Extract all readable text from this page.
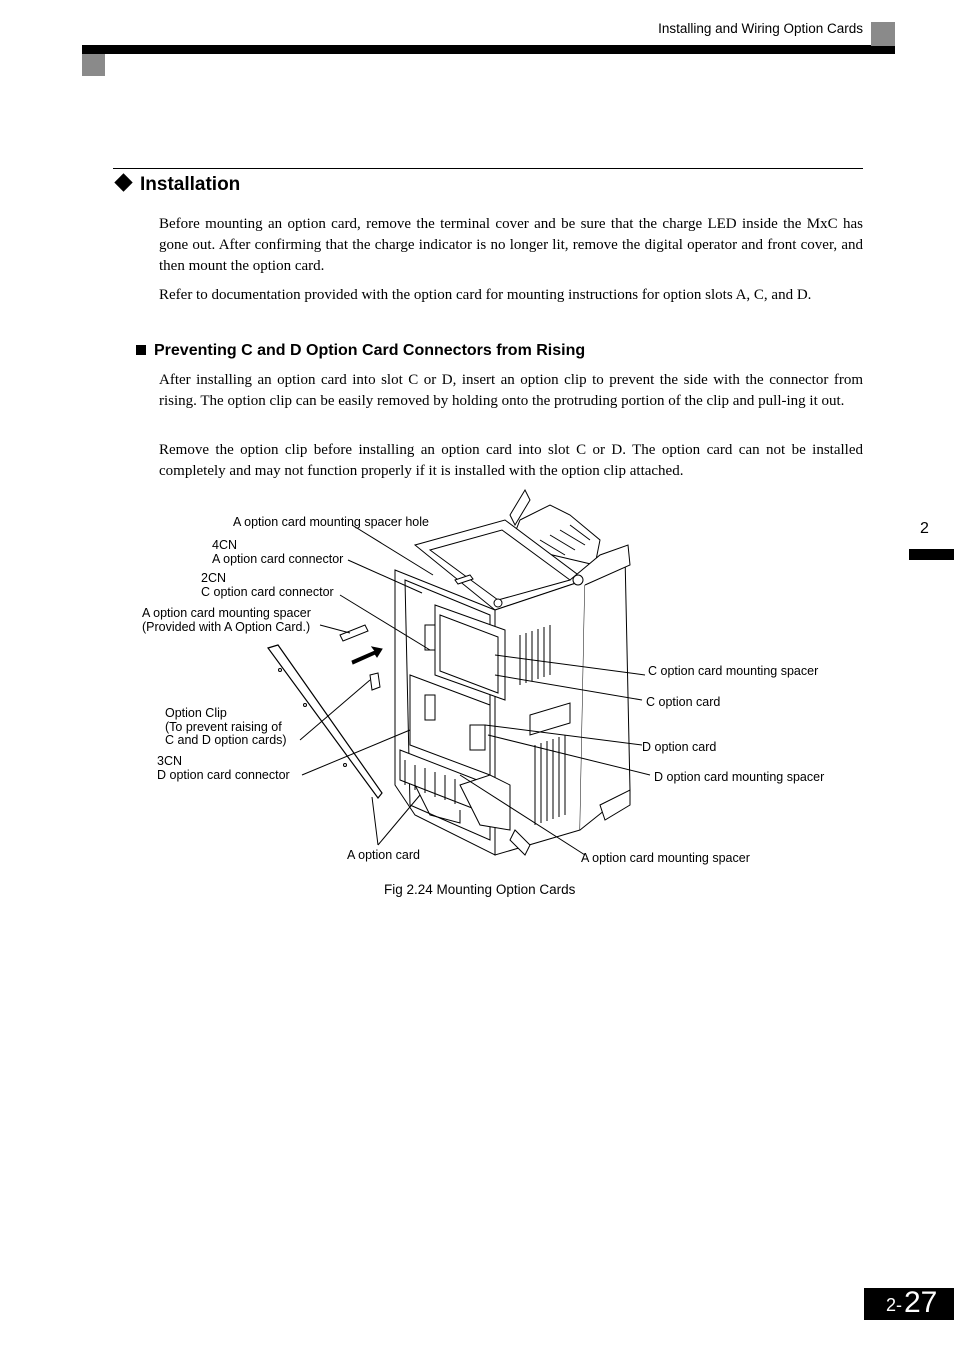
Installing and Wiring Option Cards
Installation
Before mounting an option card, remove the terminal cover and be sure that the charge LED inside the MxC has gone out. After confirming that the charge indicator is no longer lit, remove the digital operator and front cover, and then mount the option card.
Refer to documentation provided with the option card for mounting instructions for option slots A, C, and D.
Preventing C and D Option Card Connectors from Rising
After installing an option card into slot C or D, insert an option clip to prevent the side with the connector from rising. The option clip can be easily removed by holding onto the protruding portion of the clip and pull-ing it out.
Remove the option clip before installing an option card into slot C or D. The option card can not be installed completely and may not function properly if it is installed with the option clip attached.
2
A option card mounting spacer hole
4CN
A option card connector
2CN
C option card connector
A option card mounting spacer
(Provided with A Option Card.)
Option Clip
(To prevent raising of
C and D option cards)
3CN
D option card connector
A option card
C option card mounting spacer
C option card
D option card
D option card mounting spacer
A option card mounting spacer
Fig 2.24 Mounting Option Cards
2- 27
